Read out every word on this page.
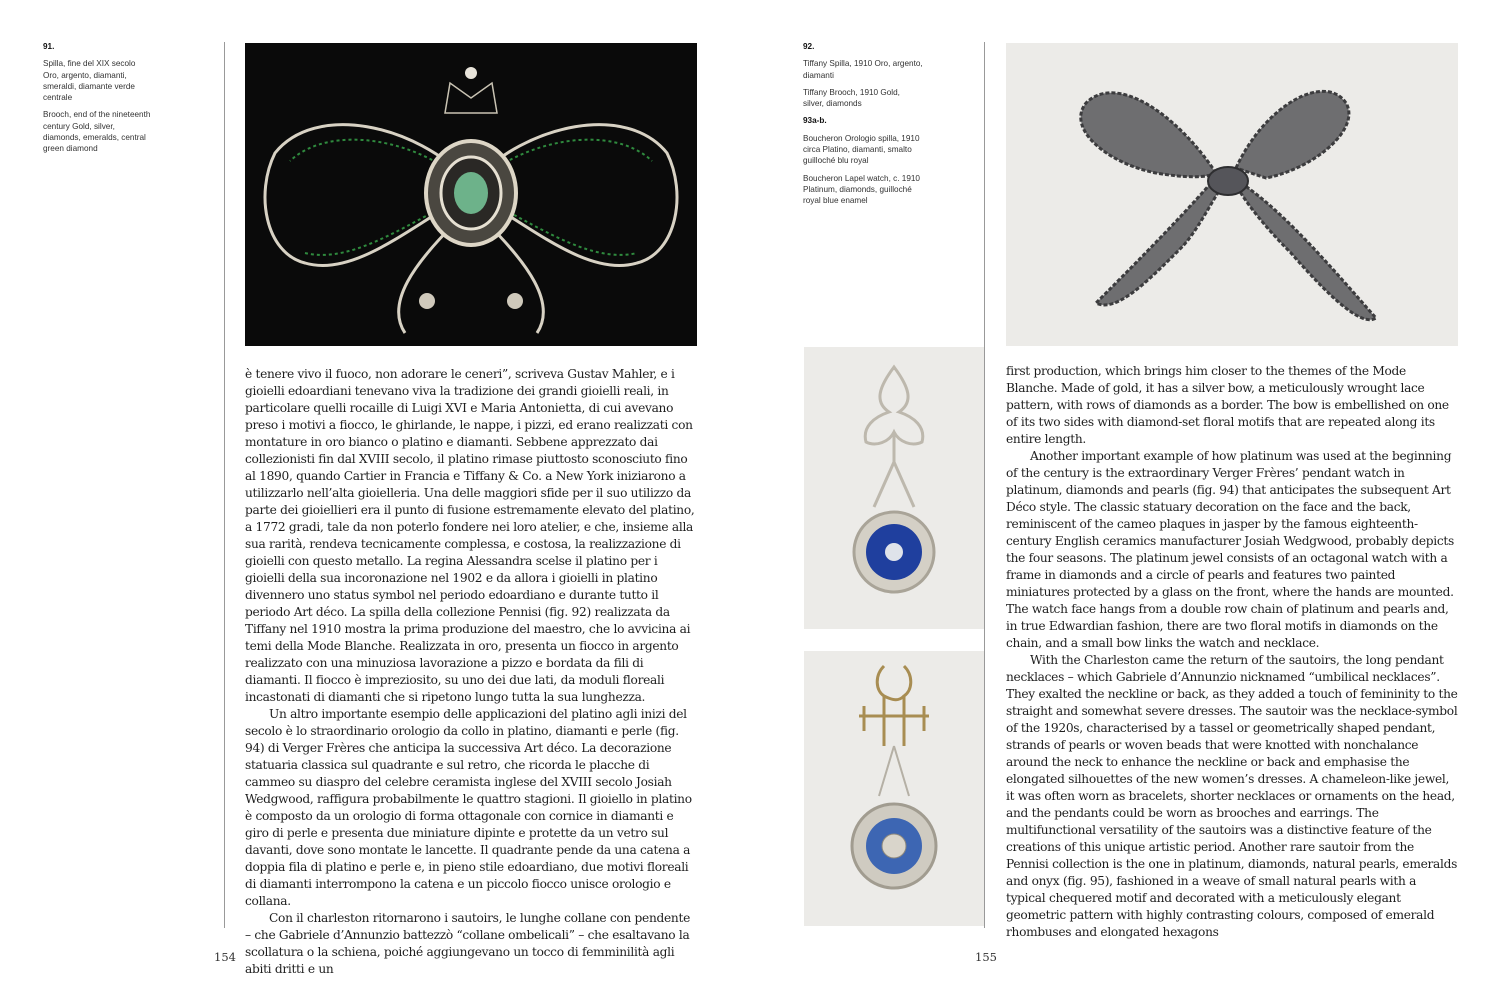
91.
Spilla, fine del XIX secolo Oro, argento, diamanti, smeraldi, diamante verde centrale
Brooch, end of the nineteenth century Gold, silver, diamonds, emeralds, central green diamond

è tenere vivo il fuoco, non adorare le ceneri”, scriveva Gustav Mahler, e i gioielli edoardiani tenevano viva la tradizione dei grandi gioielli reali, in particolare quelli rocaille di Luigi XVI e Maria Antonietta, di cui avevano preso i motivi a fiocco, le ghirlande, le nappe, i pizzi, ed erano realizzati con montature in oro bianco o platino e diamanti. Sebbene apprezzato dai collezionisti fin dal XVIII secolo, il platino rimase piuttosto sconosciuto fino al 1890, quando Cartier in Francia e Tiffany & Co. a New York iniziarono a utilizzarlo nell’alta gioielleria. Una delle maggiori sfide per il suo utilizzo da parte dei gioiellieri era il punto di fusione estremamente elevato del platino, a 1772 gradi, tale da non poterlo fondere nei loro atelier, e che, insieme alla sua rarità, rendeva tecnicamente complessa, e costosa, la realizzazione di gioielli con questo metallo. La regina Alessandra scelse il platino per i gioielli della sua incoronazione nel 1902 e da allora i gioielli in platino divennero uno status symbol nel periodo edoardiano e durante tutto il periodo Art déco. La spilla della collezione Pennisi (fig. 92) realizzata da Tiffany nel 1910 mostra la prima produzione del maestro, che lo avvicina ai temi della Mode Blanche. Realizzata in oro, presenta un fiocco in argento realizzato con una minuziosa lavorazione a pizzo e bordata da fili di diamanti. Il fiocco è impreziosito, su uno dei due lati, da moduli floreali incastonati di diamanti che si ripetono lungo tutta la sua lunghezza.

Un altro importante esempio delle applicazioni del platino agli inizi del secolo è lo straordinario orologio da collo in platino, diamanti e perle (fig. 94) di Verger Frères che anticipa la successiva Art déco. La decorazione statuaria classica sul quadrante e sul retro, che ricorda le placche di cammeo su diaspro del celebre ceramista inglese del XVIII secolo Josiah Wedgwood, raffigura probabilmente le quattro stagioni. Il gioiello in platino è composto da un orologio di forma ottagonale con cornice in diamanti e giro di perle e presenta due miniature dipinte e protette da un vetro sul davanti, dove sono montate le lancette. Il quadrante pende da una catena a doppia fila di platino e perle e, in pieno stile edoardiano, due motivi floreali di diamanti interrompono la catena e un piccolo fiocco unisce orologio e collana.

Con il charleston ritornarono i sautoirs, le lunghe collane con pendente – che Gabriele d’Annunzio battezzò “collane ombelicali” – che esaltavano la scollatura o la schiena, poiché aggiungevano un tocco di femminilità agli abiti dritti e un

154
92.
Tiffany Spilla, 1910 Oro, argento, diamanti
Tiffany Brooch, 1910 Gold, silver, diamonds
93a-b.
Boucheron Orologio spilla, 1910 circa Platino, diamanti, smalto guilloché blu royal
Boucheron Lapel watch, c. 1910 Platinum, diamonds, guilloché royal blue enamel

first production, which brings him closer to the themes of the Mode Blanche. Made of gold, it has a silver bow, a meticulously wrought lace pattern, with rows of diamonds as a border. The bow is embellished on one of its two sides with diamond-set floral motifs that are repeated along its entire length.

Another important example of how platinum was used at the beginning of the century is the extraordinary Verger Frères’ pendant watch in platinum, diamonds and pearls (fig. 94) that anticipates the subsequent Art Déco style. The classic statuary decoration on the face and the back, reminiscent of the cameo plaques in jasper by the famous eighteenth-century English ceramics manufacturer Josiah Wedgwood, probably depicts the four seasons. The platinum jewel consists of an octagonal watch with a frame in diamonds and a circle of pearls and features two painted miniatures protected by a glass on the front, where the hands are mounted. The watch face hangs from a double row chain of platinum and pearls and, in true Edwardian fashion, there are two floral motifs in diamonds on the chain, and a small bow links the watch and necklace.

With the Charleston came the return of the sautoirs, the long pendant necklaces – which Gabriele d’Annunzio nicknamed “umbilical necklaces”. They exalted the neckline or back, as they added a touch of femininity to the straight and somewhat severe dresses. The sautoir was the necklace-symbol of the 1920s, characterised by a tassel or geometrically shaped pendant, strands of pearls or woven beads that were knotted with nonchalance around the neck to enhance the neckline or back and emphasise the elongated silhouettes of the new women’s dresses. A chameleon-like jewel, it was often worn as bracelets, shorter necklaces or ornaments on the head, and the pendants could be worn as brooches and earrings. The multifunctional versatility of the sautoirs was a distinctive feature of the creations of this unique artistic period. Another rare sautoir from the Pennisi collection is the one in platinum, diamonds, natural pearls, emeralds and onyx (fig. 95), fashioned in a weave of small natural pearls with a typical chequered motif and decorated with a meticulously elegant geometric pattern with highly contrasting colours, composed of emerald rhombuses and elongated hexagons

155
